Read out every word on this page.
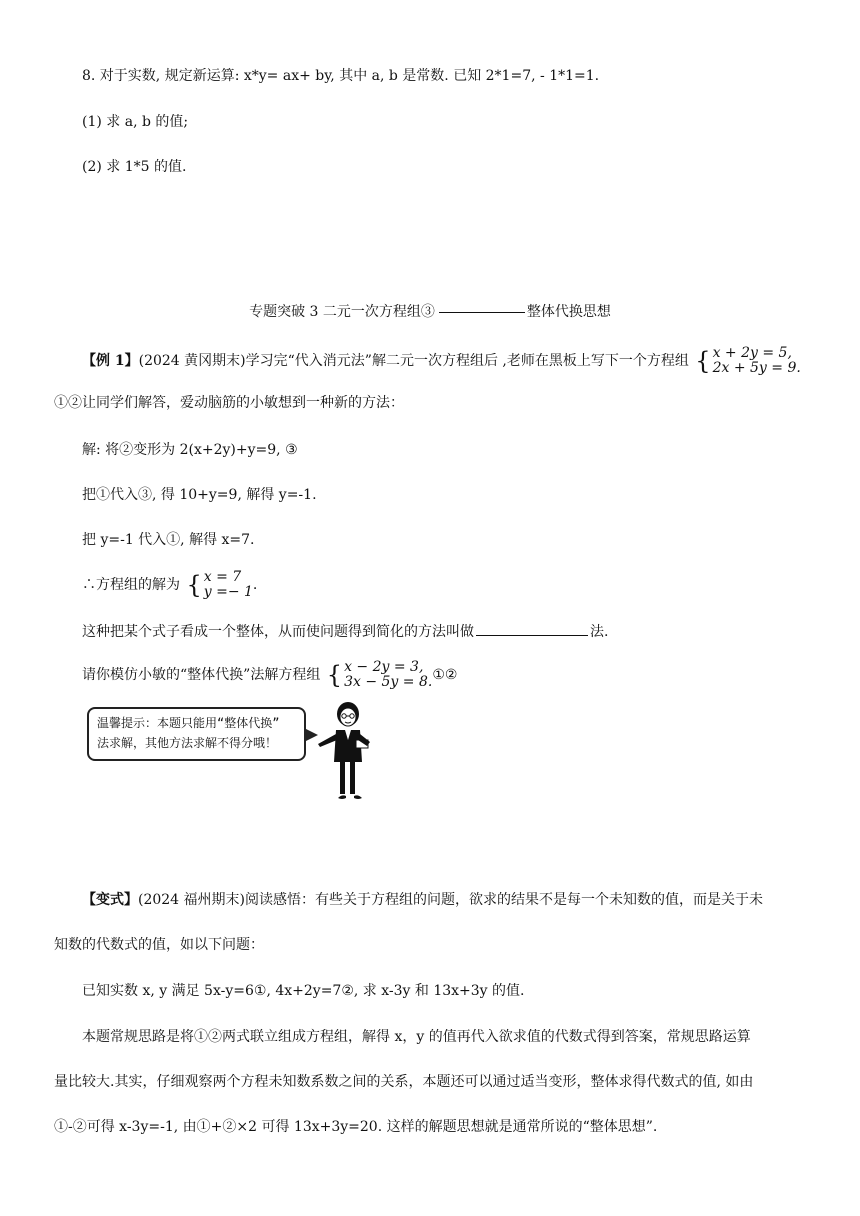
8. 对于实数, 规定新运算: x*y= ax+ by, 其中 a, b 是常数. 已知 2*1=7, - 1*1=1.
(1) 求 a, b 的值;
(2) 求 1*5 的值.
专题突破 3 二元一次方程组③	整体代换思想
【例 1】(2024 黄冈期末)学习完“代入消元法”解二元一次方程组后 ,老师在黑板上写下一个方程组 { x + 2y = 5,
2x + 5y = 9.
①②让同学们解答，爱动脑筋的小敏想到一种新的方法：
解: 将②变形为 2(x+2y)+y=9, ③
把①代入③, 得 10+y=9, 解得 y=-1.
把 y=-1 代入①, 解得 x=7.
∴方程组的解为 { x = 7
y =− 1 .
这种把某个式子看成一个整体，从而使问题得到简化的方法叫做	法.
请你模仿小敏的“整体代换”法解方程组 { x − 2y = 3,
3x − 5y = 8. ①②
温馨提示：本题只能用“整体代换”
法求解，其他方法求解不得分哦！
【变式】(2024 福州期末)阅读感悟：有些关于方程组的问题，欲求的结果不是每一个未知数的值，而是关于未
知数的代数式的值，如以下问题：
已知实数 x, y 满足 5x-y=6①, 4x+2y=7②, 求 x-3y 和 13x+3y 的值.
本题常规思路是将①②两式联立组成方程组，解得 x，y 的值再代入欲求值的代数式得到答案，常规思路运算
量比较大.其实，仔细观察两个方程未知数系数之间的关系，本题还可以通过适当变形，整体求得代数式的值, 如由
①-②可得 x-3y=-1, 由①+②×2 可得 13x+3y=20. 这样的解题思想就是通常所说的“整体思想”.
